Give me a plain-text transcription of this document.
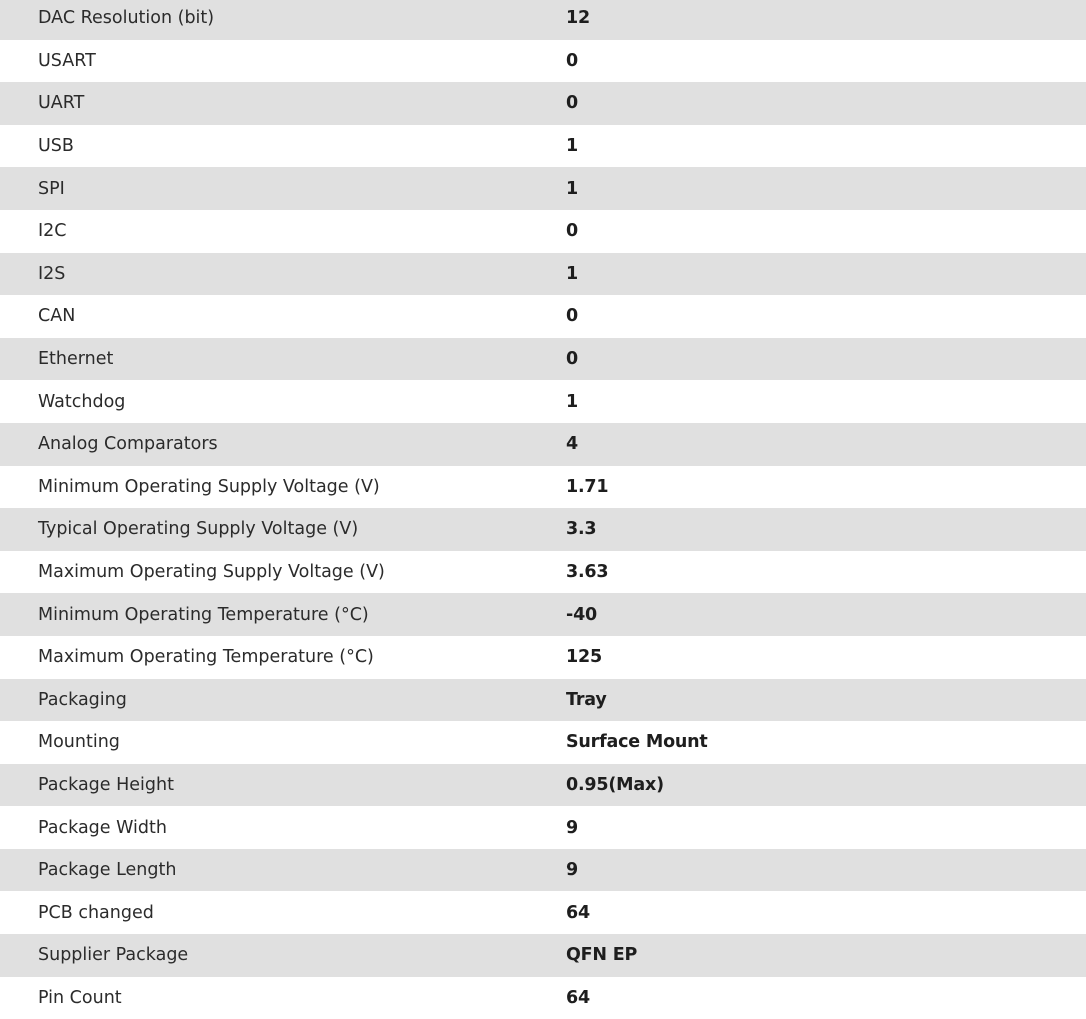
DAC Resolution (bit)	12
USART	0
UART	0
USB	1
SPI	1
I2C	0
I2S	1
CAN	0
Ethernet	0
Watchdog	1
Analog Comparators	4
Minimum Operating Supply Voltage (V)	1.71
Typical Operating Supply Voltage (V)	3.3
Maximum Operating Supply Voltage (V)	3.63
Minimum Operating Temperature (°C)	-40
Maximum Operating Temperature (°C)	125
Packaging	Tray
Mounting	Surface Mount
Package Height	0.95(Max)
Package Width	9
Package Length	9
PCB changed	64
Supplier Package	QFN EP
Pin Count	64
